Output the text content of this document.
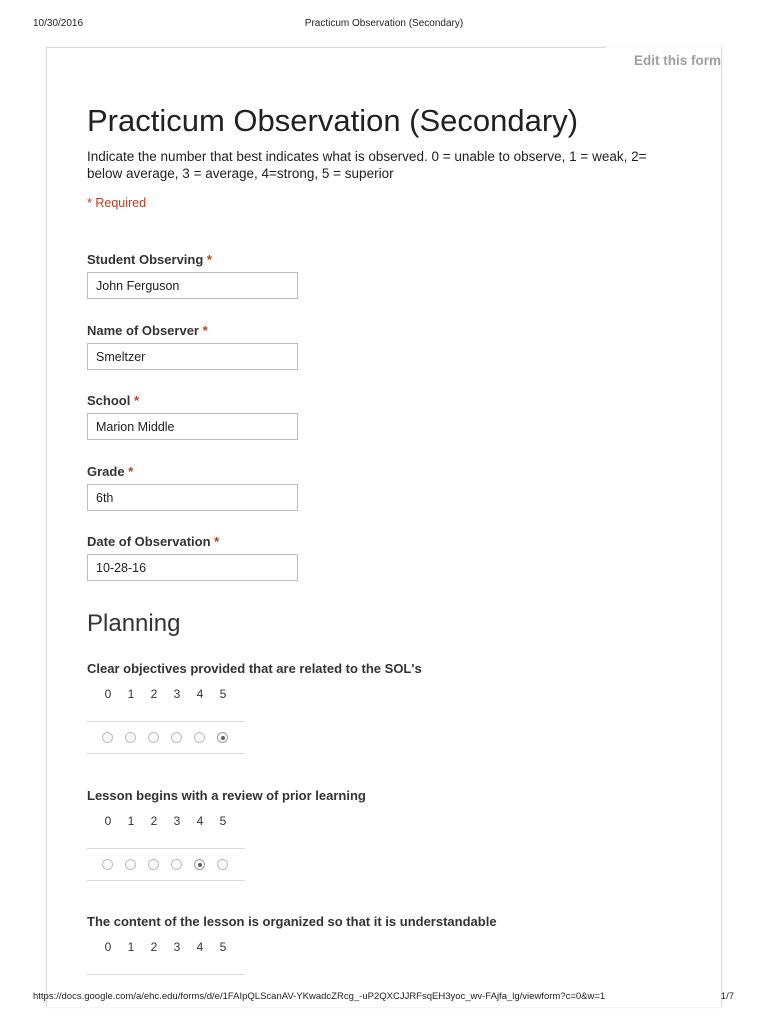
10/30/2016	Practicum Observation (Secondary)
Edit this form
Practicum Observation (Secondary)
Indicate the number that best indicates what is observed. 0 = unable to observe, 1 = weak, 2= below average, 3 = average, 4=strong, 5 = superior
* Required
Student Observing *
John Ferguson
Name of Observer *
Smeltzer
School *
Marion Middle
Grade *
6th
Date of Observation *
10-28-16
Planning
Clear objectives provided that are related to the SOL's
0	1	2	3	4	5
Lesson begins with a review of prior learning
0	1	2	3	4	5
The content of the lesson is organized so that it is understandable
0	1	2	3	4	5
https://docs.google.com/a/ehc.edu/forms/d/e/1FAIpQLScanAV-YKwadcZRcg_-uP2QXCJJRFsqEH3yoc_wv-FAjfa_lg/viewform?c=0&w=1	1/7
